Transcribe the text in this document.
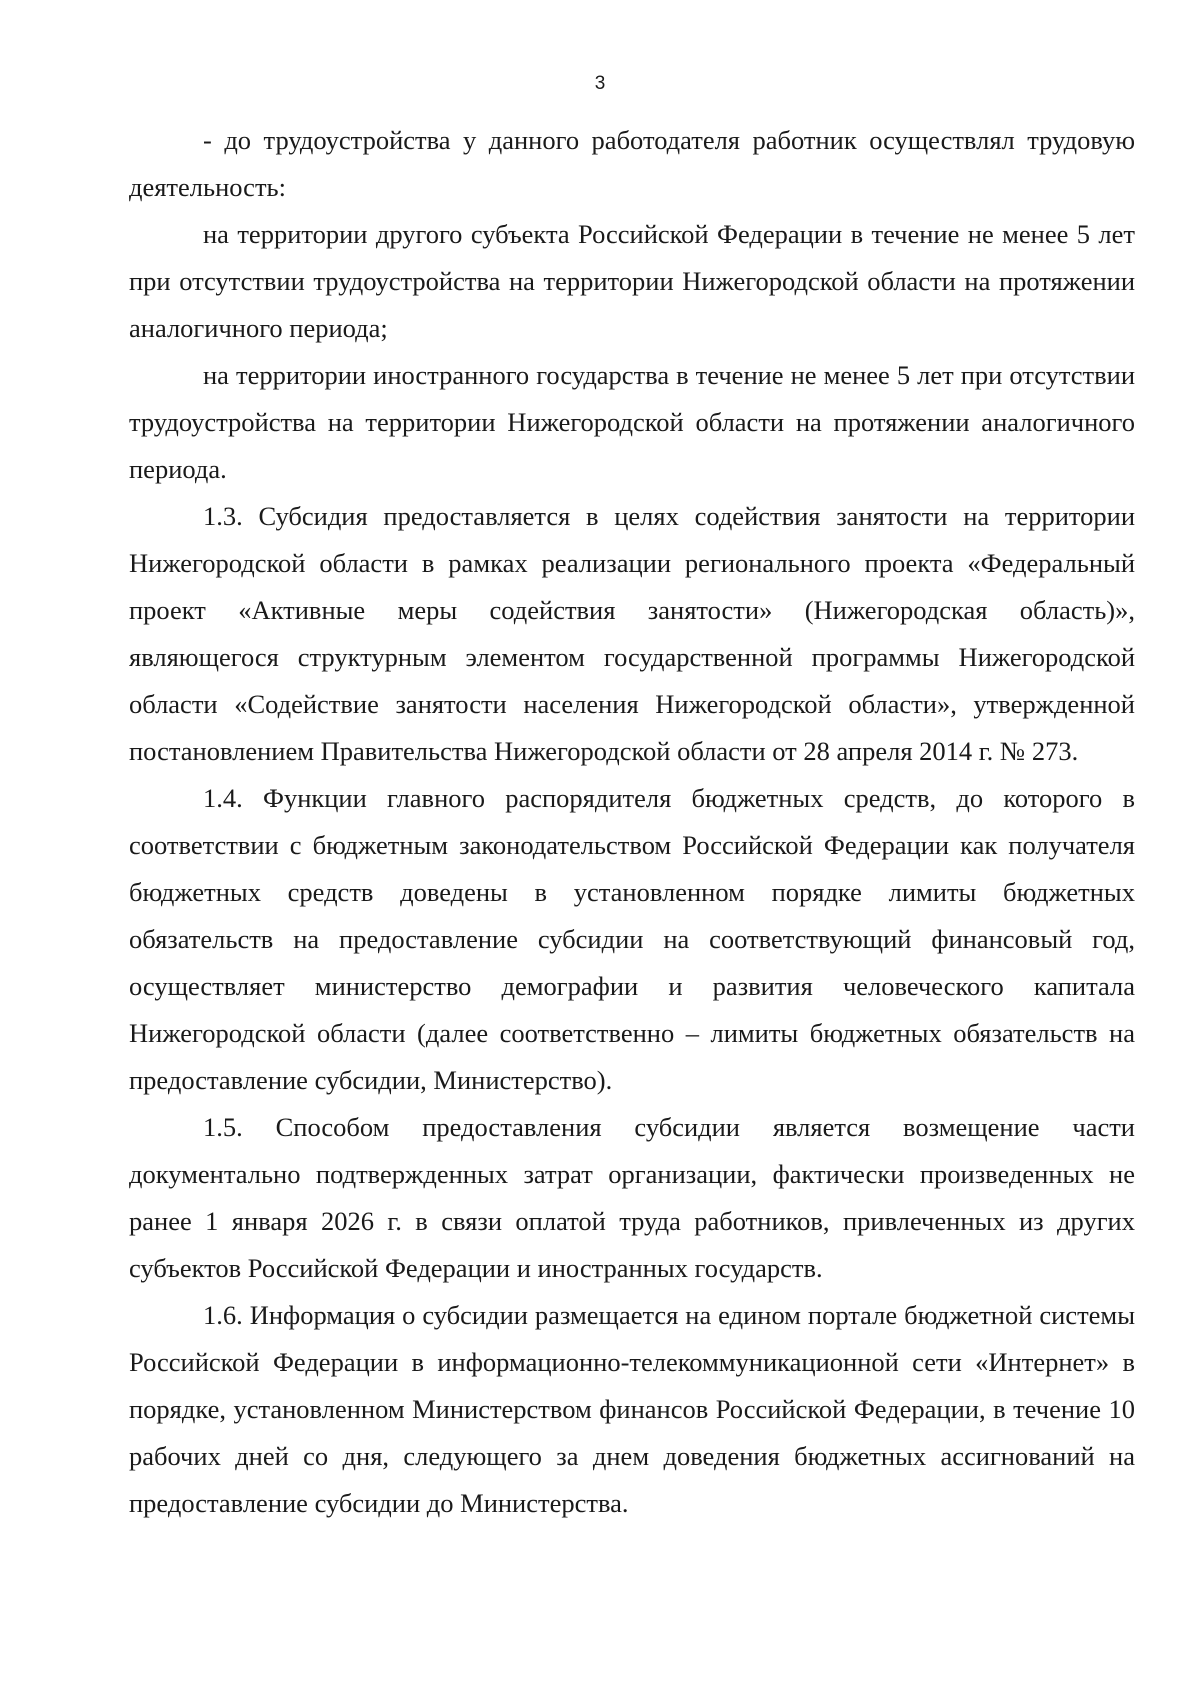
3

- до трудоустройства у данного работодателя работник осуществлял трудовую деятельность:

на территории другого субъекта Российской Федерации в течение не менее 5 лет при отсутствии трудоустройства на территории Нижегородской области на протяжении аналогичного периода;

на территории иностранного государства в течение не менее 5 лет при отсутствии трудоустройства на территории Нижегородской области на протяжении аналогичного периода.

1.3. Субсидия предоставляется в целях содействия занятости на территории Нижегородской области в рамках реализации регионального проекта «Федеральный проект «Активные меры содействия занятости» (Нижегородская область)», являющегося структурным элементом государственной программы Нижегородской области «Содействие занятости населения Нижегородской области», утвержденной постановлением Правительства Нижегородской области от 28 апреля 2014 г. № 273.

1.4. Функции главного распорядителя бюджетных средств, до которого в соответствии с бюджетным законодательством Российской Федерации как получателя бюджетных средств доведены в установленном порядке лимиты бюджетных обязательств на предоставление субсидии на соответствующий финансовый год, осуществляет министерство демографии и развития человеческого капитала Нижегородской области (далее соответственно – лимиты бюджетных обязательств на предоставление субсидии, Министерство).

1.5. Способом предоставления субсидии является возмещение части документально подтвержденных затрат организации, фактически произведенных не ранее 1 января 2026 г. в связи оплатой труда работников, привлеченных из других субъектов Российской Федерации и иностранных государств.

1.6. Информация о субсидии размещается на едином портале бюджетной системы Российской Федерации в информационно-телекоммуникационной сети «Интернет» в порядке, установленном Министерством финансов Российской Федерации, в течение 10 рабочих дней со дня, следующего за днем доведения бюджетных ассигнований на предоставление субсидии до Министерства.
